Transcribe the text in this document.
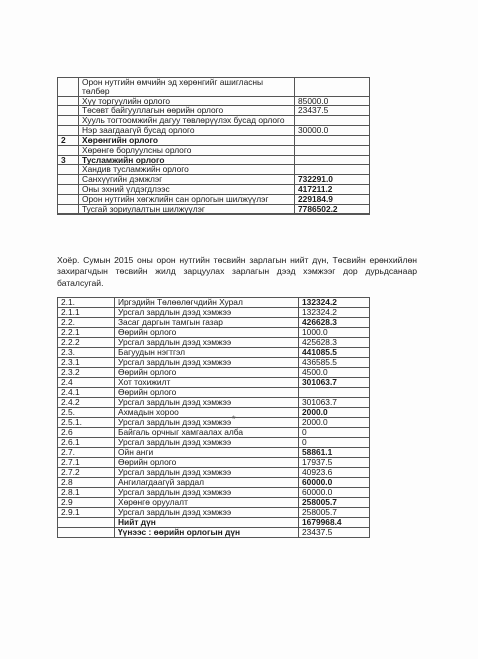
	Орон нутгийн өмчийн эд хөрөнгийг ашигласны төлбөр	
	Хүү торгуулийн орлого	85000.0
	Төсөвт байгууллагын өөрийн орлого	23437.5
	Хууль тогтоомжийн дагуу төвлөрүүлэх бусад орлого	
	Нэр заагдаагүй бусад орлого	30000.0
2	Хөрөнгийн орлого	
	Хөрөнгө борлуулсны орлого	
3	Тусламжийн орлого	
	Хандив тусламжийн орлого	
	Санхүүгийн дэмжлэг	732291.0
	Оны эхний үлдэгдлээс	417211.2
	Орон нутгийн хөгжлийн сан орлогын шилжүүлэг	229184.9
	Тусгай зориулалтын шилжүүлэг	7786502.2

Хоёр. Сумын 2015 оны орон нутгийн төсвийн зарлагын нийт дүн, Төсвийн ерөнхийлөн захирагчдын төсвийн жилд зарцуулах зарлагын дээд хэмжээг дор дурьдсанаар баталсугай.
2.1.	Иргэдийн Төлөөлөгчдийн Хурал	132324.2
2.1.1	Урсгал зардлын дээд хэмжээ	132324.2
2.2.	Засаг даргын тамгын газар	426628.3
2.2.1	Өөрийн орлого	1000.0
2.2.2	Урсгал зардлын дээд хэмжээ	425628.3
2.3.	Багуудын нэгтгэл	441085.5
2.3.1	Урсгал зардлын дээд хэмжээ	436585.5
2.3.2	Өөрийн орлого	4500.0
2.4	Хот тохижилт	301063.7
2.4.1	Өөрийн орлого	
2.4.2	Урсгал зардлын дээд хэмжээ	301063.7
2.5.	Ахмадын хороо	2000.0
2.5.1.	Урсгал зардлын дээд хэмжээ	2000.0
2.6	Байгаль орчныг хамгаалах алба	0
2.6.1	Урсгал зардлын дээд хэмжээ	0
2.7.	Ойн анги	58861.1
2.7.1	Өөрийн орлого	17937.5
2.7.2	Урсгал зардлын дээд хэмжээ	40923.6
2.8	Ангилагдаагүй зардал	60000.0
2.8.1	Урсгал зардлын дээд хэмжээ	60000.0
2.9	Хөрөнгө оруулалт	258005.7
2.9.1	Урсгал зардлын дээд хэмжээ	258005.7
	Нийт дүн	1679968.4
	Үүнээс : өөрийн орлогын дүн	23437.5
*
